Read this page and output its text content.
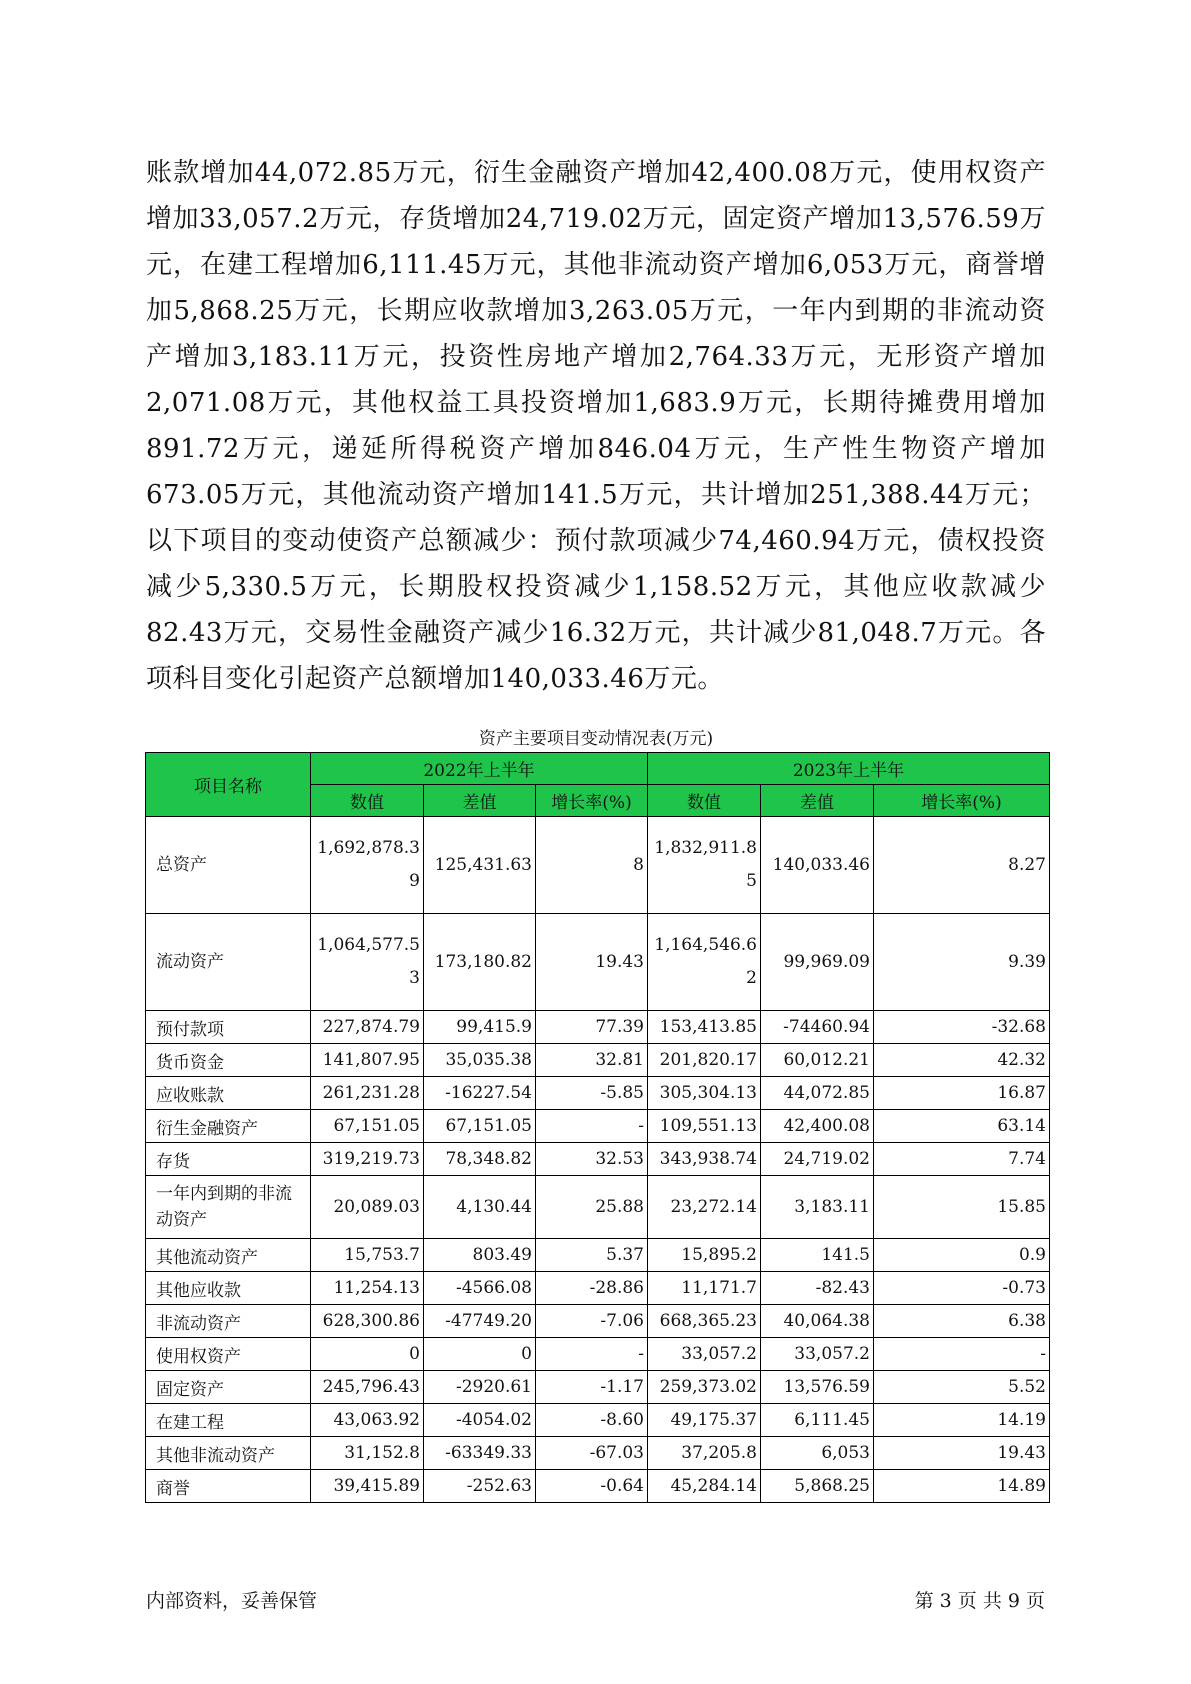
账款增加44,072.85万元，衍生金融资产增加42,400.08万元，使用权资产增加33,057.2万元，存货增加24,719.02万元，固定资产增加13,576.59万元，在建工程增加6,111.45万元，其他非流动资产增加6,053万元，商誉增加5,868.25万元，长期应收款增加3,263.05万元，一年内到期的非流动资产增加3,183.11万元，投资性房地产增加2,764.33万元，无形资产增加2,071.08万元，其他权益工具投资增加1,683.9万元，长期待摊费用增加891.72万元，递延所得税资产增加846.04万元，生产性生物资产增加673.05万元，其他流动资产增加141.5万元，共计增加251,388.44万元；以下项目的变动使资产总额减少：预付款项减少74,460.94万元，债权投资减少5,330.5万元，长期股权投资减少1,158.52万元，其他应收款减少82.43万元，交易性金融资产减少16.32万元，共计减少81,048.7万元。各项科目变化引起资产总额增加140,033.46万元。

资产主要项目变动情况表(万元)
项目名称	2022年上半年			2023年上半年		
	数值	差值	增长率(%)	数值	差值	增长率(%)
总资产	1,692,878.39	125,431.63	8	1,832,911.85	140,033.46	8.27
流动资产	1,064,577.53	173,180.82	19.43	1,164,546.62	99,969.09	9.39
预付款项	227,874.79	99,415.9	77.39	153,413.85	-74460.94	-32.68
货币资金	141,807.95	35,035.38	32.81	201,820.17	60,012.21	42.32
应收账款	261,231.28	-16227.54	-5.85	305,304.13	44,072.85	16.87
衍生金融资产	67,151.05	67,151.05	-	109,551.13	42,400.08	63.14
存货	319,219.73	78,348.82	32.53	343,938.74	24,719.02	7.74
一年内到期的非流动资产	20,089.03	4,130.44	25.88	23,272.14	3,183.11	15.85
其他流动资产	15,753.7	803.49	5.37	15,895.2	141.5	0.9
其他应收款	11,254.13	-4566.08	-28.86	11,171.7	-82.43	-0.73
非流动资产	628,300.86	-47749.20	-7.06	668,365.23	40,064.38	6.38
使用权资产	0	0	-	33,057.2	33,057.2	-
固定资产	245,796.43	-2920.61	-1.17	259,373.02	13,576.59	5.52
在建工程	43,063.92	-4054.02	-8.60	49,175.37	6,111.45	14.19
其他非流动资产	31,152.8	-63349.33	-67.03	37,205.8	6,053	19.43
商誉	39,415.89	-252.63	-0.64	45,284.14	5,868.25	14.89
内部资料，妥善保管	第 3 页 共 9 页
